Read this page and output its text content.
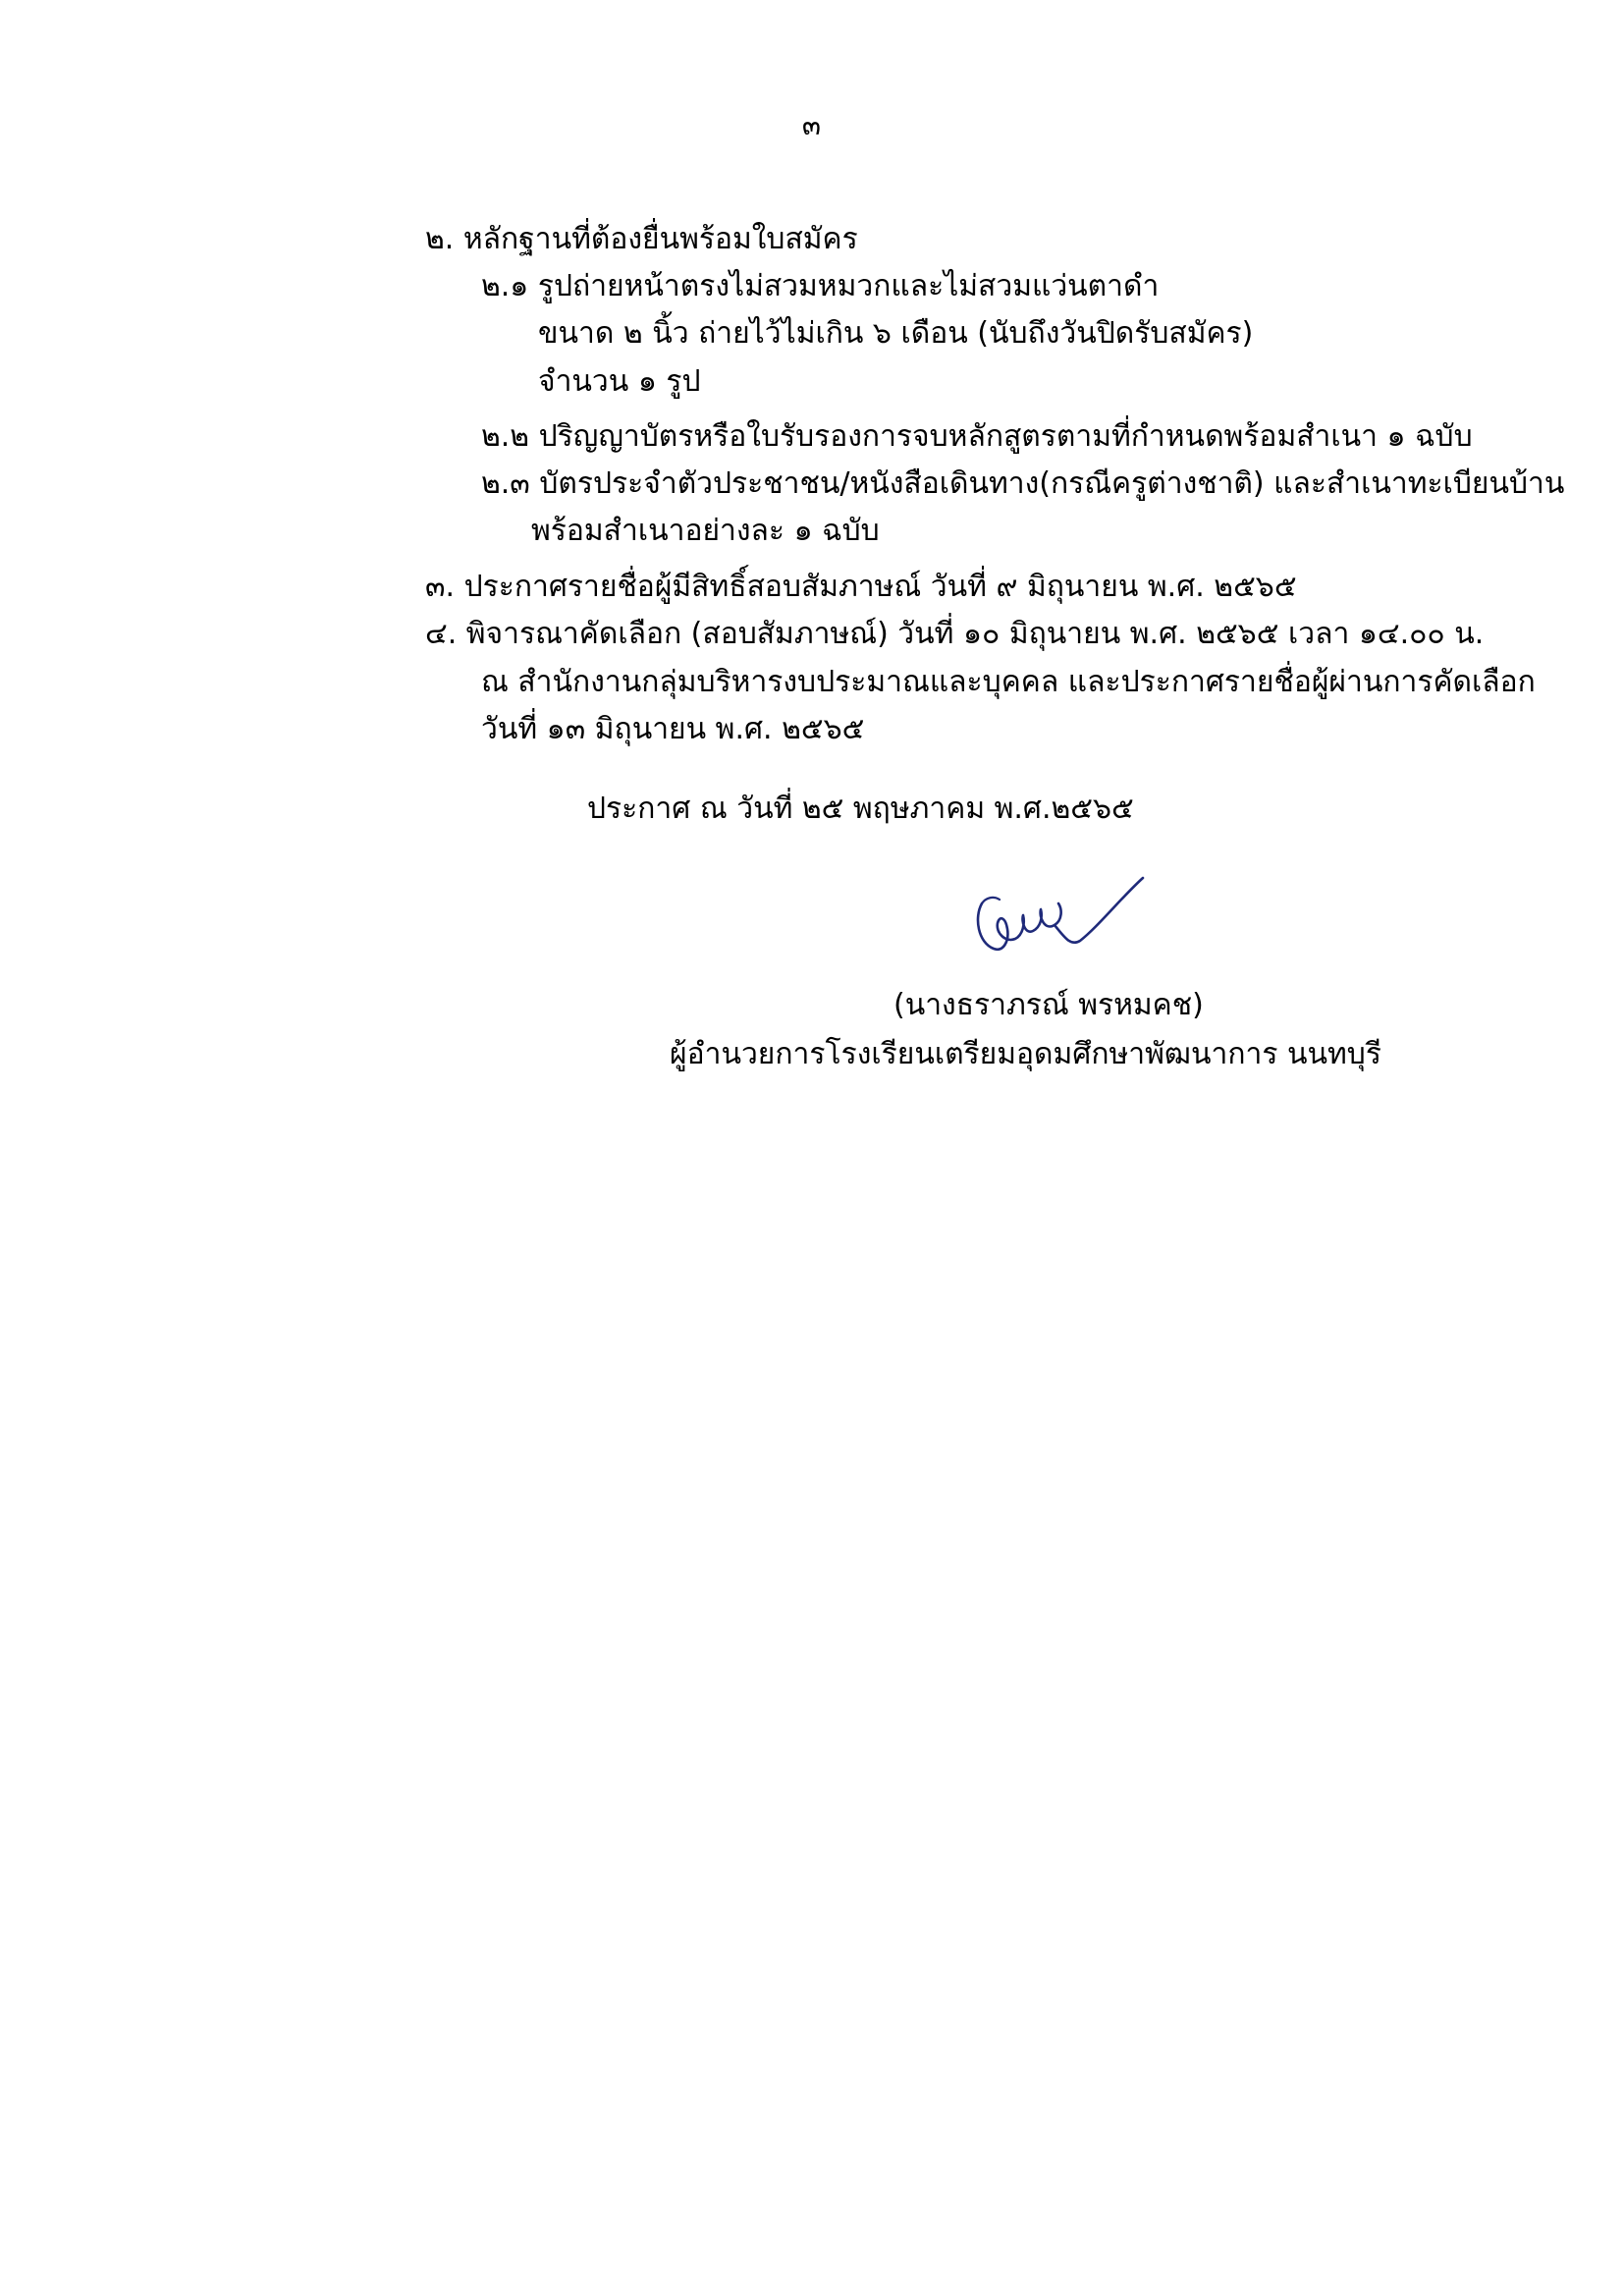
๓
๒. หลักฐานที่ต้องยื่นพร้อมใบสมัคร
๒.๑ รูปถ่ายหน้าตรงไม่สวมหมวกและไม่สวมแว่นตาดำ
ขนาด ๒ นิ้ว ถ่ายไว้ไม่เกิน ๖ เดือน (นับถึงวันปิดรับสมัคร)
จำนวน ๑ รูป
๒.๒ ปริญญาบัตรหรือใบรับรองการจบหลักสูตรตามที่กำหนดพร้อมสำเนา ๑ ฉบับ
๒.๓ บัตรประจำตัวประชาชน/หนังสือเดินทาง(กรณีครูต่างชาติ) และสำเนาทะเบียนบ้าน
พร้อมสำเนาอย่างละ ๑ ฉบับ
๓. ประกาศรายชื่อผู้มีสิทธิ์สอบสัมภาษณ์ วันที่ ๙ มิถุนายน พ.ศ. ๒๕๖๕
๔. พิจารณาคัดเลือก (สอบสัมภาษณ์) วันที่ ๑๐ มิถุนายน พ.ศ. ๒๕๖๕ เวลา ๑๔.๐๐ น.
ณ สำนักงานกลุ่มบริหารงบประมาณและบุคคล และประกาศรายชื่อผู้ผ่านการคัดเลือก
วันที่ ๑๓ มิถุนายน พ.ศ. ๒๕๖๕
ประกาศ ณ วันที่ ๒๕ พฤษภาคม พ.ศ.๒๕๖๕
(นางธราภรณ์ พรหมคช)
ผู้อำนวยการโรงเรียนเตรียมอุดมศึกษาพัฒนาการ นนทบุรี
